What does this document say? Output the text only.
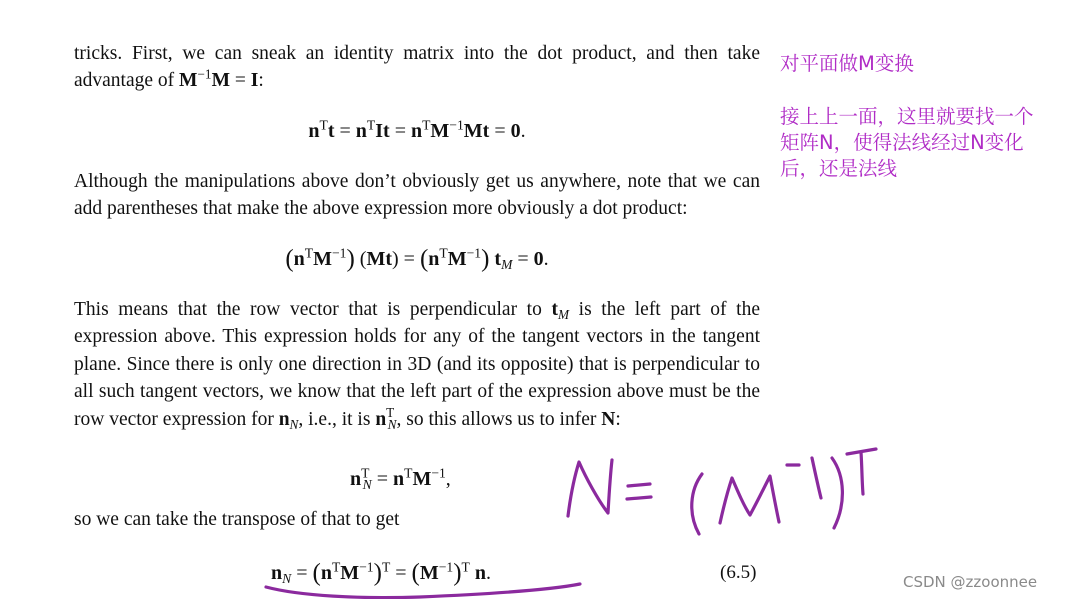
tricks. First, we can sneak an identity matrix into the dot product, and then take advantage of $M^{-1}M = I$:

$n^Tt = n^TIt = n^TM^{-1}Mt = 0$.

Although the manipulations above don’t obviously get us anywhere, note that we can add parentheses that make the above expression more obviously a dot product:

$(n^TM^{-1}) (Mt) = (n^TM^{-1}) t_M = 0$.

This means that the row vector that is perpendicular to $t_M$ is the left part of the expression above. This expression holds for any of the tangent vectors in the tangent plane. Since there is only one direction in 3D (and its opposite) that is perpendicular to all such tangent vectors, we know that the left part of the expression above must be the row vector expression for $n_N$, i.e., it is $n^T_N$, so this allows us to infer N:

$n^T_N = n^TM^{-1}$,

so we can take the transpose of that to get

$n_N = (n^TM^{-1})^T = (M^{-1})^T$ n.	(6.5)
对平面做M变换
接上上一面，这里就要找一个
矩阵N，使得法线经过N变化
后，还是法线
CSDN @zzoonnee
